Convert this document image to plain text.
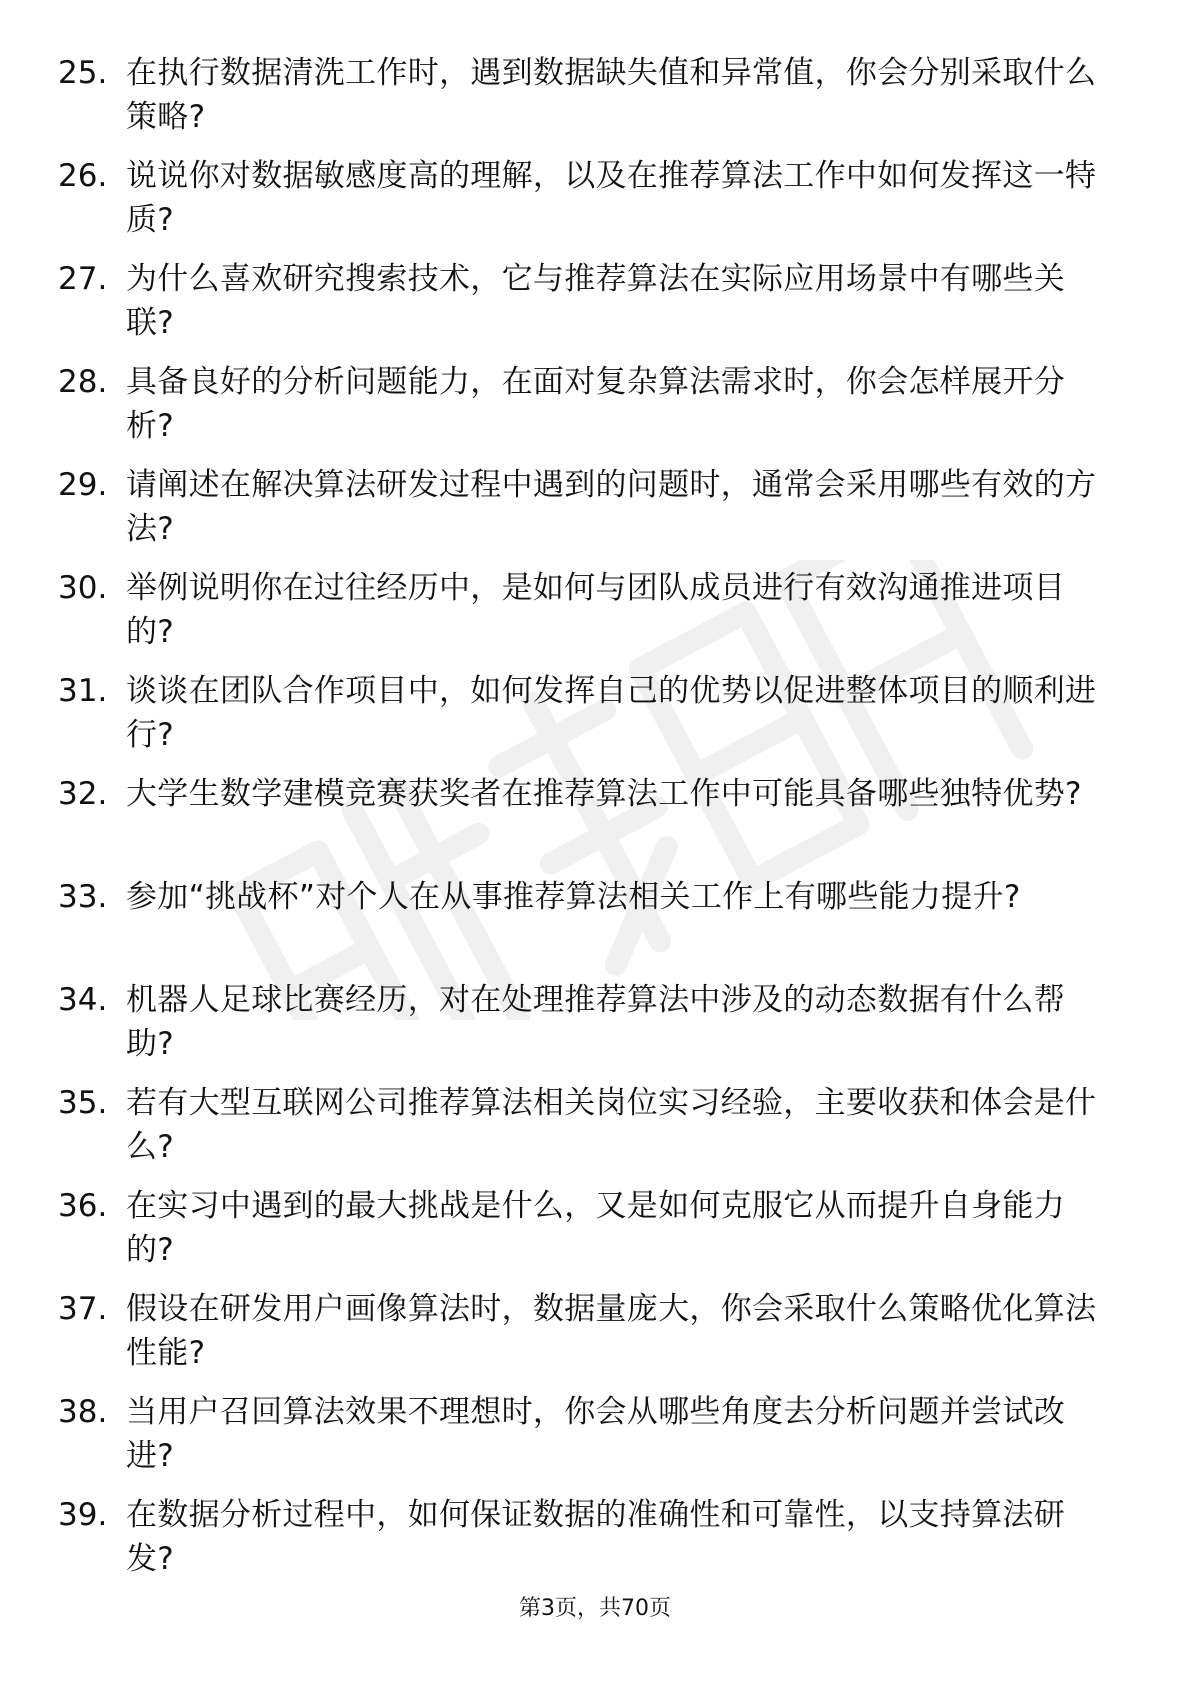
25. 在执行数据清洗工作时，遇到数据缺失值和异常值，你会分别采取什么策略?
26. 说说你对数据敏感度高的理解，以及在推荐算法工作中如何发挥这一特质?
27. 为什么喜欢研究搜索技术，它与推荐算法在实际应用场景中有哪些关联?
28. 具备良好的分析问题能力，在面对复杂算法需求时，你会怎样展开分析?
29. 请阐述在解决算法研发过程中遇到的问题时，通常会采用哪些有效的方法?
30. 举例说明你在过往经历中，是如何与团队成员进行有效沟通推进项目的?
31. 谈谈在团队合作项目中，如何发挥自己的优势以促进整体项目的顺利进行?
32. 大学生数学建模竞赛获奖者在推荐算法工作中可能具备哪些独特优势?
33. 参加“挑战杯”对个人在从事推荐算法相关工作上有哪些能力提升?
34. 机器人足球比赛经历，对在处理推荐算法中涉及的动态数据有什么帮助?
35. 若有大型互联网公司推荐算法相关岗位实习经验，主要收获和体会是什么?
36. 在实习中遇到的最大挑战是什么，又是如何克服它从而提升自身能力的?
37. 假设在研发用户画像算法时，数据量庞大，你会采取什么策略优化算法性能?
38. 当用户召回算法效果不理想时，你会从哪些角度去分析问题并尝试改进?
39. 在数据分析过程中，如何保证数据的准确性和可靠性，以支持算法研发?
第3页，共70页
